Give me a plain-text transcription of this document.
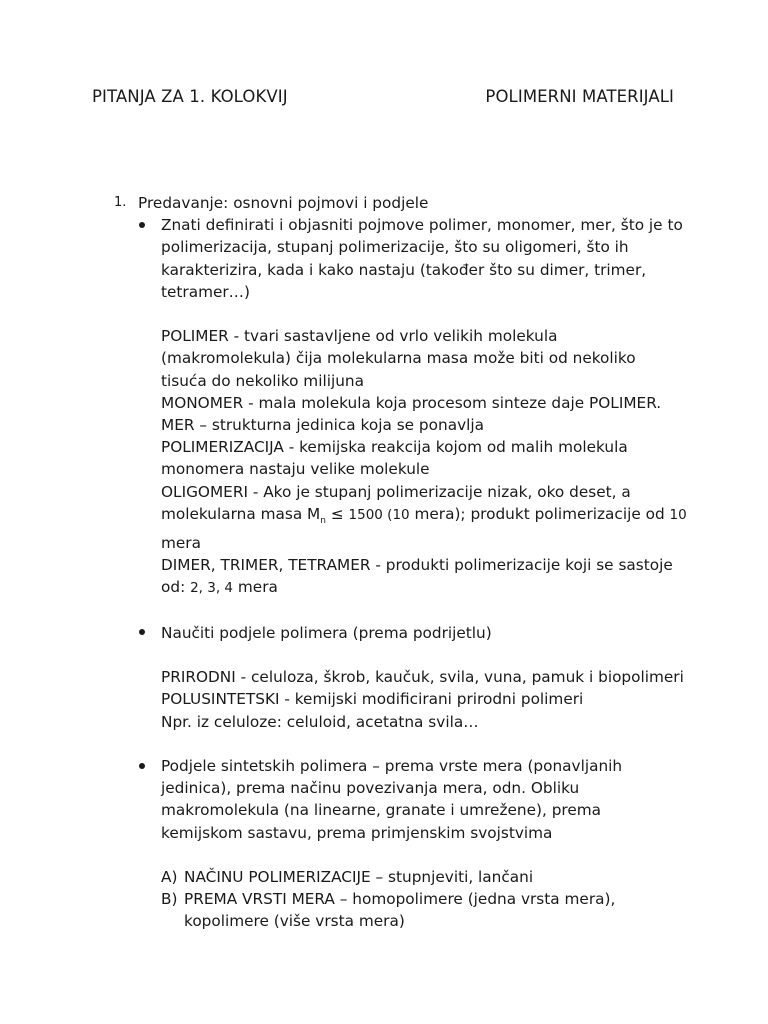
PITANJA ZA 1. KOLOKVIJ	POLIMERNI MATERIJALI
1. Predavanje: osnovni pojmovi i podjele
Znati definirati i objasniti pojmove polimer, monomer, mer, što je to
polimerizacija, stupanj polimerizacije, što su oligomeri, što ih
karakterizira, kada i kako nastaju (također što su dimer, trimer,
tetramer…)
POLIMER - tvari sastavljene od vrlo velikih molekula
(makromolekula) čija molekularna masa može biti od nekoliko
tisuća do nekoliko milijuna
MONOMER - mala molekula koja procesom sinteze daje POLIMER.
MER – strukturna jedinica koja se ponavlja
POLIMERIZACIJA - kemijska reakcija kojom od malih molekula
monomera nastaju velike molekule
OLIGOMERI - Ako je stupanj polimerizacije nizak, oko deset, a
molekularna masa $M_n \le 1500$ (10 mera); produkt polimerizacije od 10
mera
DIMER, TRIMER, TETRAMER - produkti polimerizacije koji se sastoje
od: 2, 3, 4 mera
Naučiti podjele polimera (prema podrijetlu)
PRIRODNI - celuloza, škrob, kaučuk, svila, vuna, pamuk i biopolimeri
POLUSINTETSKI - kemijski modificirani prirodni polimeri
Npr. iz celuloze: celuloid, acetatna svila…
Podjele sintetskih polimera – prema vrste mera (ponavljanih
jedinica), prema načinu povezivanja mera, odn. Obliku
makromolekula (na linearne, granate i umrežene), prema
kemijskom sastavu, prema primjenskim svojstvima
A) NAČINU POLIMERIZACIJE – stupnjeviti, lančani
B) PREMA VRSTI MERA – homopolimere (jedna vrsta mera),
kopolimere (više vrsta mera)
